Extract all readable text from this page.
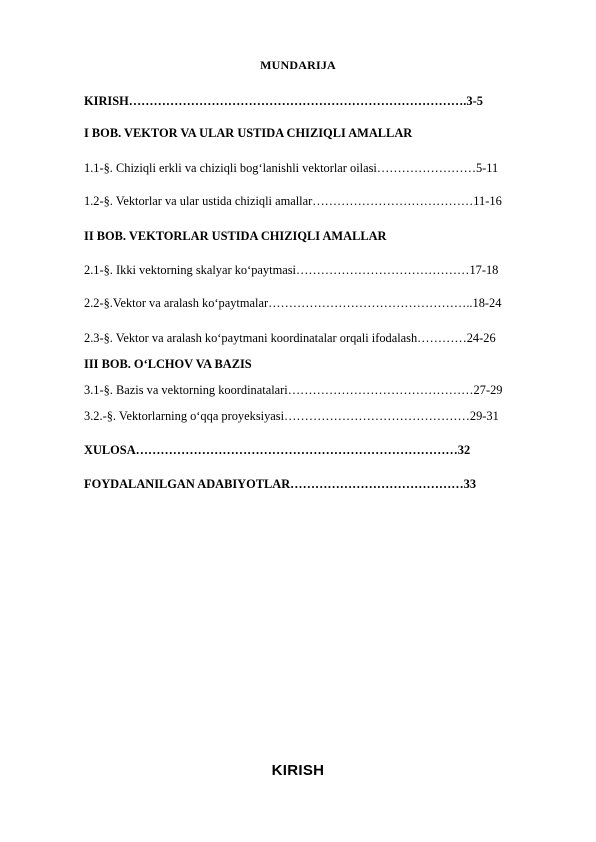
MUNDARIJA
KIRISH……………………………………………………………………….3-5
I BOB. VEKTOR VA ULAR USTIDA CHIZIQLI AMALLAR
1.1-§. Chiziqli erkli va chiziqli bog‘lanishli vektorlar oilasi……………………5-11
1.2-§. Vektorlar va ular ustida chiziqli amallar…………………………………11-16
II BOB. VEKTORLAR USTIDA CHIZIQLI AMALLAR
2.1-§. Ikki vektorning skalyar ko‘paytmasi……………………………………17-18
2.2-§.Vektor va aralash ko‘paytmalar…………………………………………..18-24
2.3-§. Vektor va aralash ko‘paytmani koordinatalar orqali ifodalash…………24-26
III BOB. O‘LCHOV VA BAZIS
3.1-§. Bazis va vektorning koordinatalari………………………………………27-29
3.2.-§. Vektorlarning o‘qqa proyeksiyasi………………………………………29-31
XULOSA……………………………………………………………………32
FOYDALANILGAN ADABIYOTLAR……………………………………33
KIRISH
